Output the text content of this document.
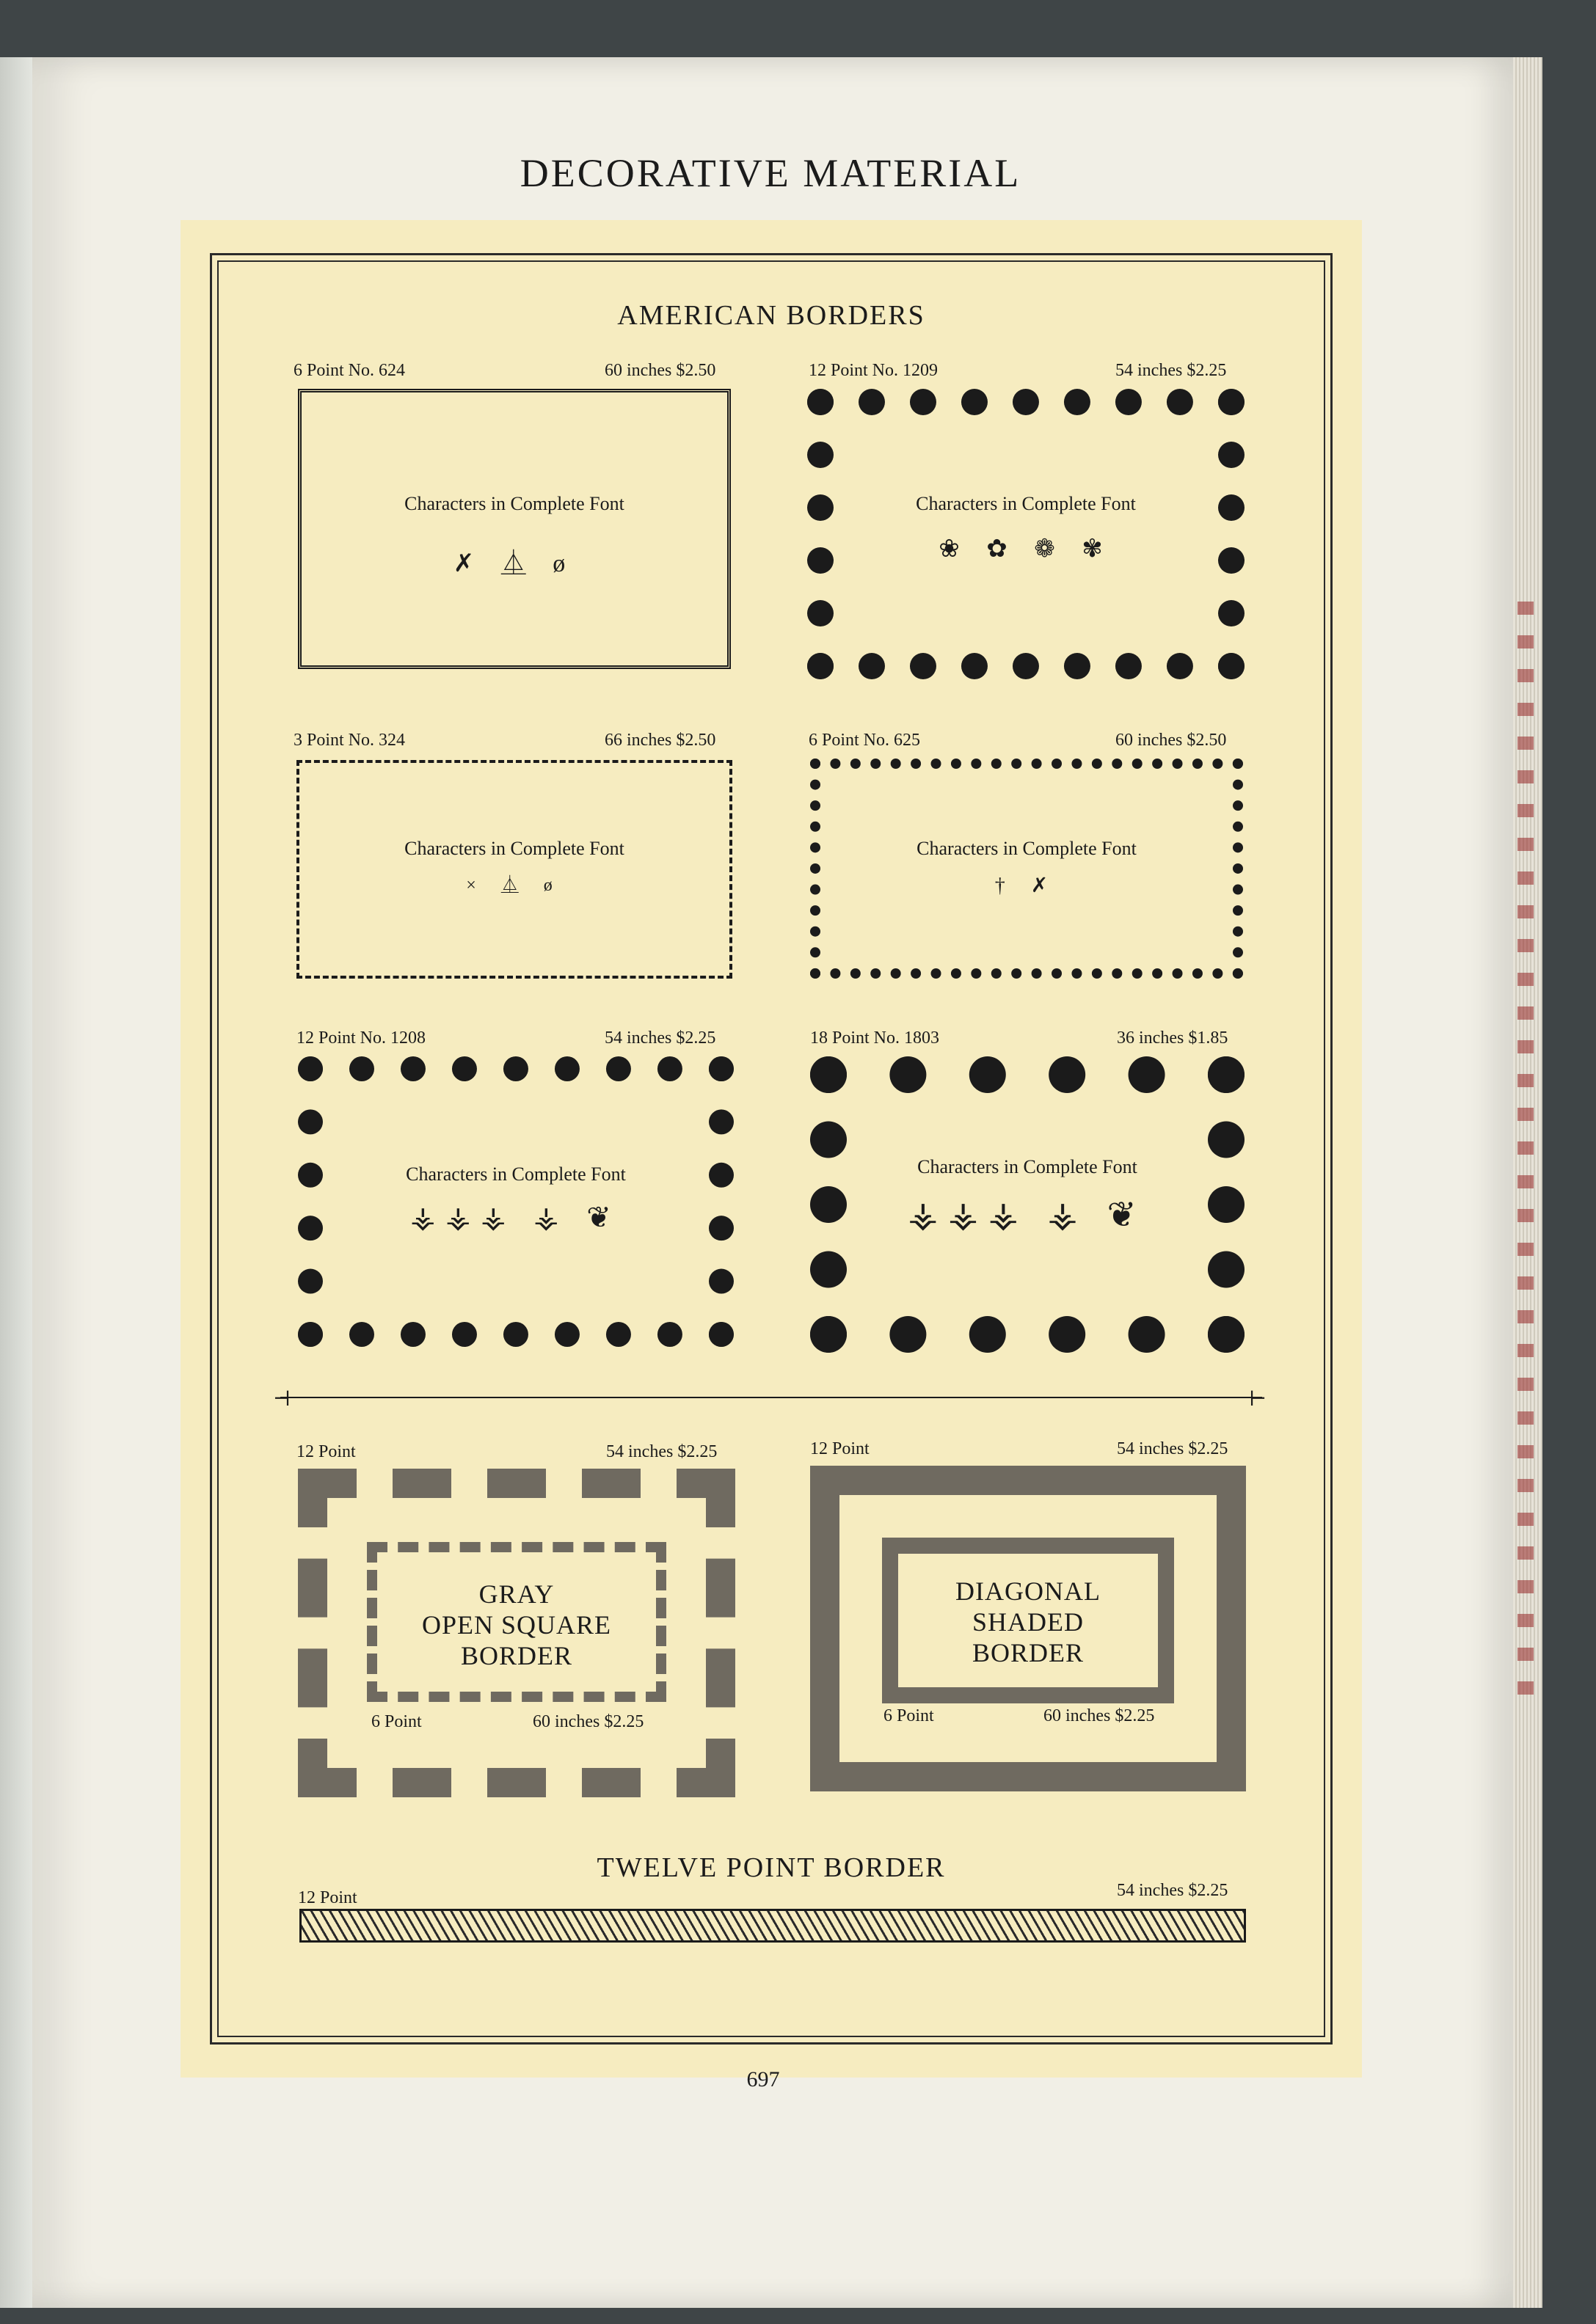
DECORATIVE MATERIAL
AMERICAN BORDERS
6 Point No. 624	60 inches $2.50
Characters in Complete Font
✗ ⏅ ø
12 Point No. 1209	54 inches $2.25
Characters in Complete Font
❀ ✿ ❁ ✾
3 Point No. 324	66 inches $2.50
Characters in Complete Font
× ⏅ ø
6 Point No. 625	60 inches $2.50
Characters in Complete Font
† ✗
12 Point No. 1208	54 inches $2.25
Characters in Complete Font
⚶⚶⚶ ⚶ ❦
18 Point No. 1803	36 inches $1.85
Characters in Complete Font
⚶⚶⚶ ⚶ ❦
⊣	⊢
12 Point	54 inches $2.25
GRAY
OPEN SQUARE
BORDER
6 Point	60 inches $2.25
12 Point	54 inches $2.25
DIAGONAL
SHADED
BORDER
6 Point	60 inches $2.25
TWELVE POINT BORDER
12 Point	54 inches $2.25
697
